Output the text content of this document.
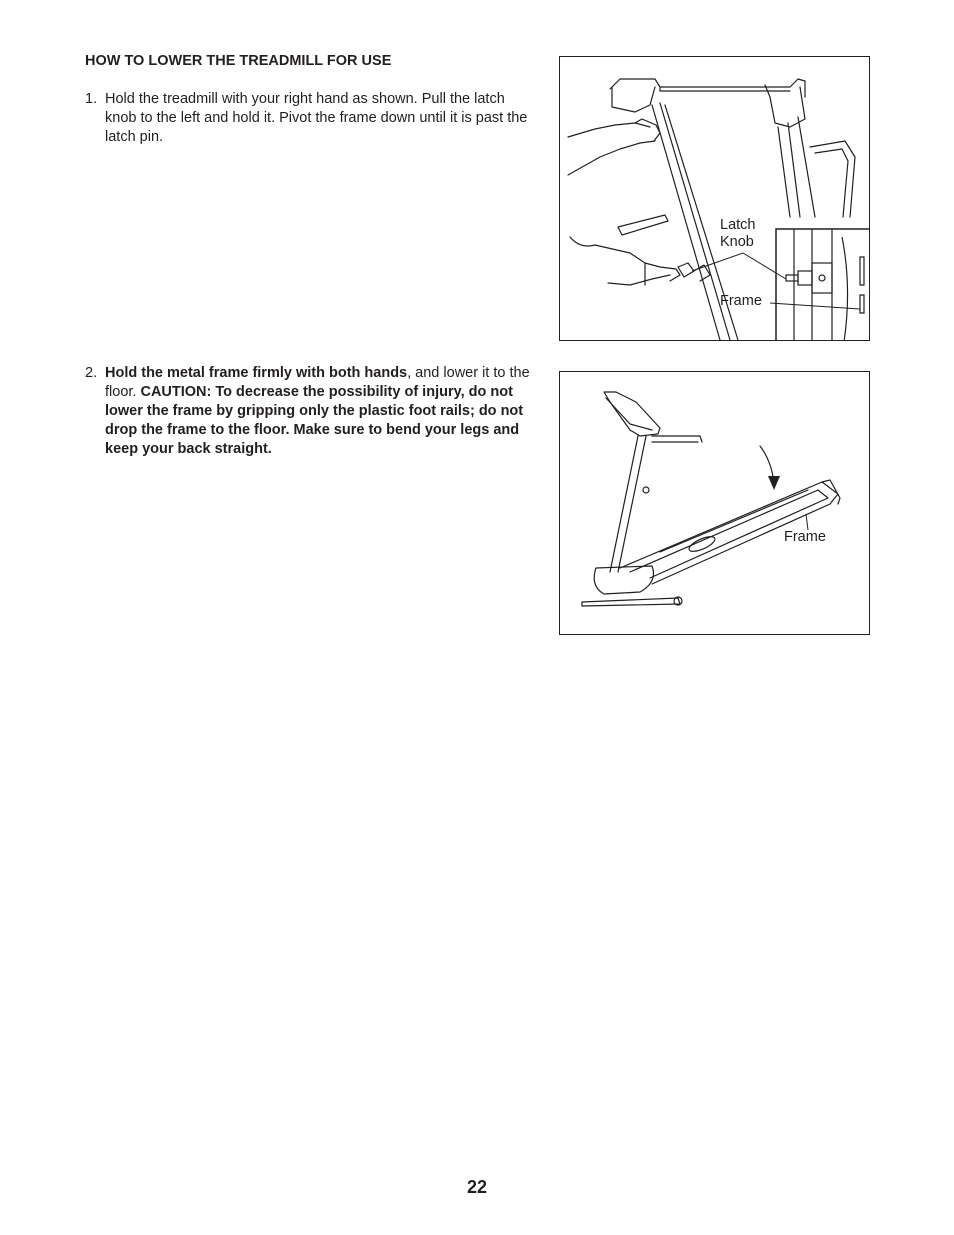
HOW TO LOWER THE TREADMILL FOR USE
1. Hold the treadmill with your right hand as shown. Pull the latch knob to the left and hold it. Pivot the frame down until it is past the latch pin.
2. Hold the metal frame firmly with both hands, and lower it to the floor. CAUTION: To decrease the possibility of injury, do not lower the frame by gripping only the plastic foot rails; do not drop the frame to the floor. Make sure to bend your legs and keep your back straight.

Latch

Knob

Frame

Frame

22
